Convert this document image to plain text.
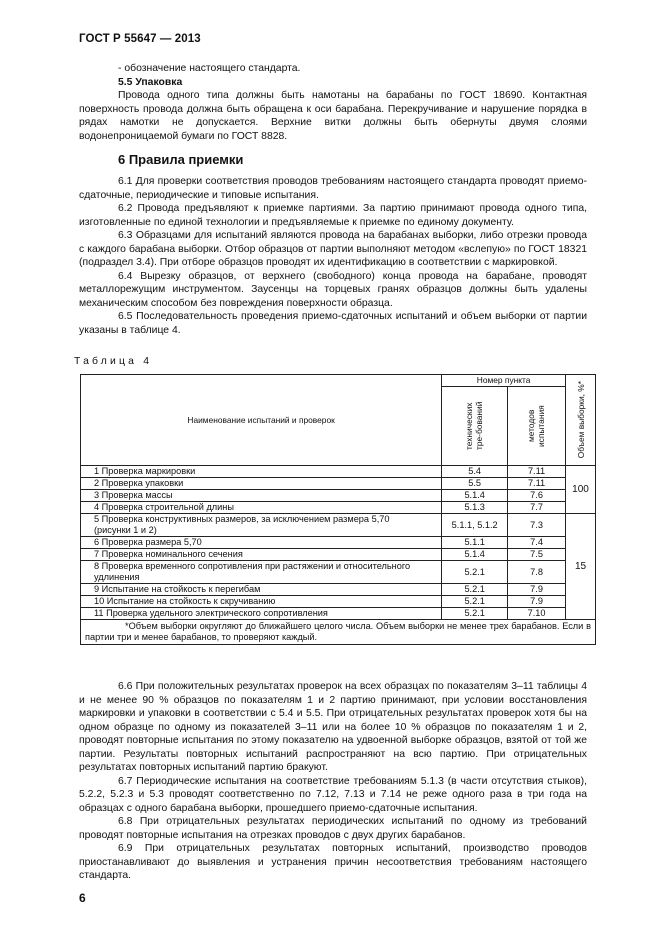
ГОСТ Р 55647 — 2013

- обозначение настоящего стандарта.

5.5 Упаковка

Провода одного типа должны быть намотаны на барабаны по ГОСТ 18690. Контактная поверхность провода должна быть обращена к оси барабана. Перекручивание и нарушение порядка в рядах намотки не допускается. Верхние витки должны быть обернуты двумя слоями водонепроницаемой бумаги по ГОСТ 8828.

6 Правила приемки

6.1 Для проверки соответствия проводов требованиям настоящего стандарта проводят приемо-сдаточные, периодические и типовые испытания.

6.2 Провода предъявляют к приемке партиями. За партию принимают провода одного типа, изготовленные по единой технологии и предъявляемые к приемке по единому документу.

6.3 Образцами для испытаний являются провода на барабанах выборки, либо отрезки провода с каждого барабана выборки. Отбор образцов от партии выполняют методом «вслепую» по ГОСТ 18321 (подраздел 3.4). При отборе образцов проводят их идентификацию в соответствии с маркировкой.

6.4 Вырезку образцов, от верхнего (свободного) конца провода на барабане, проводят металлорежущим инструментом. Заусенцы на торцевых гранях образцов должны быть удалены механическим способом без повреждения поверхности образца.

6.5 Последовательность проведения приемо-сдаточных испытаний и объем выборки от партии указаны в таблице 4.

Таблица 4
Наименование испытаний и проверок	Номер пункта		Объем выборки, %*

	технических тре-бований	методов испытания	

1 Проверка маркировки	5.4	7.11	100
2 Проверка упаковки	5.5	7.11	
3 Проверка массы	5.1.4	7.6	
4 Проверка строительной длины	5.1.3	7.7	
5 Проверка конструктивных размеров, за исключением размера 5,70 (рисунки 1 и 2)	5.1.1, 5.1.2	7.3	15
6 Проверка размера 5,70	5.1.1	7.4	
7 Проверка номинального сечения	5.1.4	7.5	
8 Проверка временного сопротивления при растяжении и относительного удлинения	5.2.1	7.8	
9 Испытание на стойкость к перегибам	5.2.1	7.9	
10 Испытание на стойкость к скручиванию	5.2.1	7.9	
11 Проверка удельного электрического сопротивления	5.2.1	7.10	
*Объем выборки округляют до ближайшего целого числа. Объем выборки не менее трех барабанов. Если в партии три и менее барабанов, то проверяют каждый.			

6.6 При положительных результатах проверок на всех образцах по показателям 3–11 таблицы 4 и не менее 90 % образцов по показателям 1 и 2 партию принимают, при условии восстановления маркировки и упаковки в соответствии с 5.4 и 5.5. При отрицательных результатах проверок хотя бы на одном образце по одному из показателей 3–11 или на более 10 % образцов по показателям 1 и 2, проводят повторные испытания по этому показателю на удвоенной выборке образцов, взятой от той же партии. Результаты повторных испытаний распространяют на всю партию. При отрицательных результатах повторных испытаний партию бракуют.

6.7 Периодические испытания на соответствие требованиям 5.1.3 (в части отсутствия стыков), 5.2.2, 5.2.3 и 5.3 проводят соответственно по 7.12, 7.13 и 7.14 не реже одного раза в три года на образцах с одного барабана выборки, прошедшего приемо-сдаточные испытания.

6.8 При отрицательных результатах периодических испытаний по одному из требований проводят повторные испытания на отрезках проводов с двух других барабанов.

6.9 При отрицательных результатах повторных испытаний, производство проводов приостанавливают до выявления и устранения причин несоответствия требованиям настоящего стандарта.

6
